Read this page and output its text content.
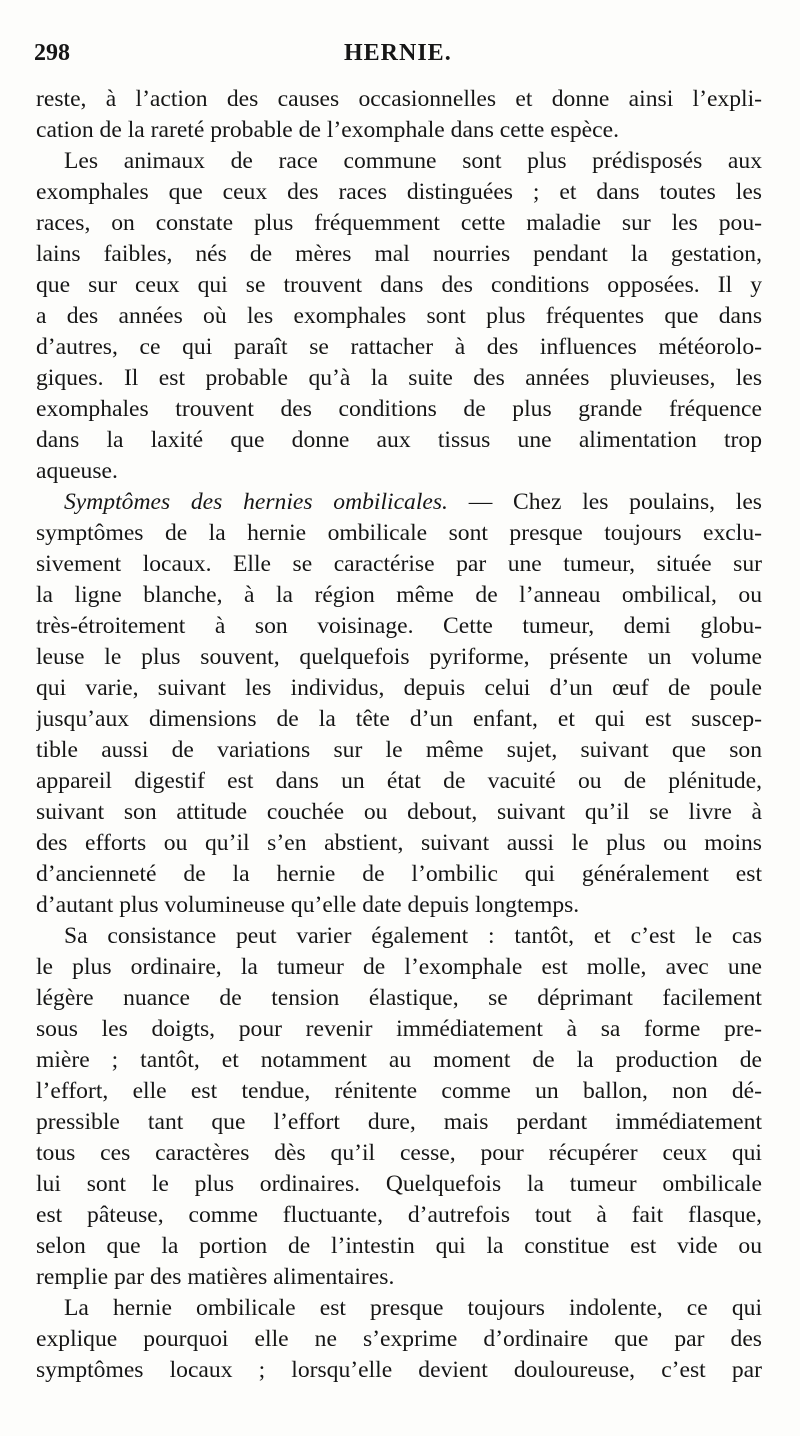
298	HERNIE.
reste, à l’action des causes occasionnelles et donne ainsi l’expli-
cation de la rareté probable de l’exomphale dans cette espèce.
Les animaux de race commune sont plus prédisposés aux
exomphales que ceux des races distinguées ; et dans toutes les
races, on constate plus fréquemment cette maladie sur les pou-
lains faibles, nés de mères mal nourries pendant la gestation,
que sur ceux qui se trouvent dans des conditions opposées. Il y
a des années où les exomphales sont plus fréquentes que dans
d’autres, ce qui paraît se rattacher à des influences météorolo-
giques. Il est probable qu’à la suite des années pluvieuses, les
exomphales trouvent des conditions de plus grande fréquence
dans la laxité que donne aux tissus une alimentation trop
aqueuse.
Symptômes des hernies ombilicales. — Chez les poulains, les
symptômes de la hernie ombilicale sont presque toujours exclu-
sivement locaux. Elle se caractérise par une tumeur, située sur
la ligne blanche, à la région même de l’anneau ombilical, ou
très-étroitement à son voisinage. Cette tumeur, demi globu-
leuse le plus souvent, quelquefois pyriforme, présente un volume
qui varie, suivant les individus, depuis celui d’un œuf de poule
jusqu’aux dimensions de la tête d’un enfant, et qui est suscep-
tible aussi de variations sur le même sujet, suivant que son
appareil digestif est dans un état de vacuité ou de plénitude,
suivant son attitude couchée ou debout, suivant qu’il se livre à
des efforts ou qu’il s’en abstient, suivant aussi le plus ou moins
d’ancienneté de la hernie de l’ombilic qui généralement est
d’autant plus volumineuse qu’elle date depuis longtemps.
Sa consistance peut varier également : tantôt, et c’est le cas
le plus ordinaire, la tumeur de l’exomphale est molle, avec une
légère nuance de tension élastique, se déprimant facilement
sous les doigts, pour revenir immédiatement à sa forme pre-
mière ; tantôt, et notamment au moment de la production de
l’effort, elle est tendue, rénitente comme un ballon, non dé-
pressible tant que l’effort dure, mais perdant immédiatement
tous ces caractères dès qu’il cesse, pour récupérer ceux qui
lui sont le plus ordinaires. Quelquefois la tumeur ombilicale
est pâteuse, comme fluctuante, d’autrefois tout à fait flasque,
selon que la portion de l’intestin qui la constitue est vide ou
remplie par des matières alimentaires.
La hernie ombilicale est presque toujours indolente, ce qui
explique pourquoi elle ne s’exprime d’ordinaire que par des
symptômes locaux ; lorsqu’elle devient douloureuse, c’est par
